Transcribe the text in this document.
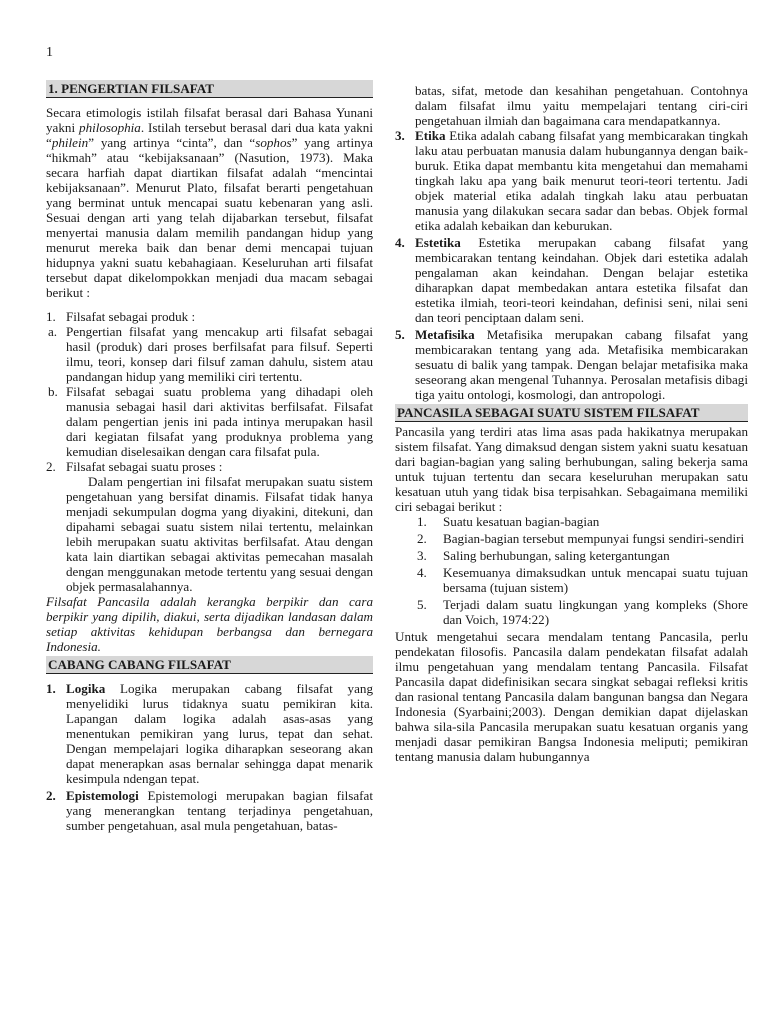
1
1. PENGERTIAN FILSAFAT

Secara etimologis istilah filsafat berasal dari Bahasa Yunani yakni philosophia. Istilah tersebut berasal dari dua kata yakni “philein” yang artinya “cinta”, dan “sophos” yang artinya “hikmah” atau “kebijaksanaan” (Nasution, 1973). Maka secara harfiah dapat diartikan filsafat adalah “mencintai kebijaksanaan”. Menurut Plato, filsafat berarti pengetahuan yang berminat untuk mencapai suatu kebenaran yang asli. Sesuai dengan arti yang telah dijabarkan tersebut, filsafat menyertai manusia dalam memilih pandangan hidup yang menurut mereka baik dan benar demi mencapai tujuan hidupnya yakni suatu kebahagiaan. Keseluruhan arti filsafat tersebut dapat dikelompokkan menjadi dua macam sebagai berikut :

1. Filsafat sebagai produk :
a. Pengertian filsafat yang mencakup arti filsafat sebagai hasil (produk) dari proses berfilsafat para filsuf. Seperti ilmu, teori, konsep dari filsuf zaman dahulu, sistem atau pandangan hidup yang memiliki ciri tertentu.
b. Filsafat sebagai suatu problema yang dihadapi oleh manusia sebagai hasil dari aktivitas berfilsafat. Filsafat dalam pengertian jenis ini pada intinya merupakan hasil dari kegiatan filsafat yang produknya problema yang kemudian diselesaikan dengan cara filsafat pula.
2. Filsafat sebagai suatu proses :

Dalam pengertian ini filsafat merupakan suatu sistem pengetahuan yang bersifat dinamis. Filsafat tidak hanya menjadi sekumpulan dogma yang diyakini, ditekuni, dan dipahami sebagai suatu sistem nilai tertentu, melainkan lebih merupakan suatu aktivitas berfilsafat. Atau dengan kata lain diartikan sebagai aktivitas pemecahan masalah dengan menggunakan metode tertentu yang sesuai dengan objek permasalahannya.

Filsafat Pancasila adalah kerangka berpikir dan cara berpikir yang dipilih, diakui, serta dijadikan landasan dalam setiap aktivitas kehidupan berbangsa dan bernegara Indonesia.

CABANG CABANG FILSAFAT
1. Logika Logika merupakan cabang filsafat yang menyelidiki lurus tidaknya suatu pemikiran kita. Lapangan dalam logika adalah asas-asas yang menentukan pemikiran yang lurus, tepat dan sehat. Dengan mempelajari logika diharapkan seseorang akan dapat menerapkan asas bernalar sehingga dapat menarik kesimpula ndengan tepat.
2. Epistemologi Epistemologi merupakan bagian filsafat yang menerangkan tentang terjadinya pengetahuan, sumber pengetahuan, asal mula pengetahuan, batas-

batas, sifat, metode dan kesahihan pengetahuan. Contohnya dalam filsafat ilmu yaitu mempelajari tentang ciri-ciri pengetahuan ilmiah dan bagaimana cara mendapatkannya.

3. Etika Etika adalah cabang filsafat yang membicarakan tingkah laku atau perbuatan manusia dalam hubungannya dengan baik-buruk. Etika dapat membantu kita mengetahui dan memahami tingkah laku apa yang baik menurut teori-teori tertentu. Jadi objek material etika adalah tingkah laku atau perbuatan manusia yang dilakukan secara sadar dan bebas. Objek formal etika adalah kebaikan dan keburukan.
4. Estetika Estetika merupakan cabang filsafat yang membicarakan tentang keindahan. Objek dari estetika adalah pengalaman akan keindahan. Dengan belajar estetika diharapkan dapat membedakan antara estetika filsafat dan estetika ilmiah, teori-teori keindahan, definisi seni, nilai seni dan teori penciptaan dalam seni.
5. Metafisika Metafisika merupakan cabang filsafat yang membicarakan tentang yang ada. Metafisika membicarakan sesuatu di balik yang tampak. Dengan belajar metafisika maka seseorang akan mengenal Tuhannya. Perosalan metafisis dibagi tiga yaitu ontologi, kosmologi, dan antropologi.
PANCASILA SEBAGAI SUATU SISTEM FILSAFAT

Pancasila yang terdiri atas lima asas pada hakikatnya merupakan sistem filsafat. Yang dimaksud dengan sistem yakni suatu kesatuan dari bagian-bagian yang saling berhubungan, saling bekerja sama untuk tujuan tertentu dan secara keseluruhan merupakan satu kesatuan utuh yang tidak bisa terpisahkan. Sebagaimana memiliki ciri sebagai berikut :

1.	Suatu kesatuan bagian-bagian
2.	Bagian-bagian tersebut mempunyai fungsi sendiri-sendiri
3.	Saling berhubungan, saling ketergantungan
4.	Kesemuanya dimaksudkan untuk mencapai suatu tujuan bersama (tujuan sistem)
5.	Terjadi dalam suatu lingkungan yang kompleks (Shore dan Voich, 1974:22)

Untuk mengetahui secara mendalam tentang Pancasila, perlu pendekatan filosofis. Pancasila dalam pendekatan filsafat adalah ilmu pengetahuan yang mendalam tentang Pancasila. Filsafat Pancasila dapat didefinisikan secara singkat sebagai refleksi kritis dan rasional tentang Pancasila dalam bangunan bangsa dan Negara Indonesia (Syarbaini;2003). Dengan demikian dapat dijelaskan bahwa sila-sila Pancasila merupakan suatu kesatuan organis yang menjadi dasar pemikiran Bangsa Indonesia meliputi; pemikiran tentang manusia dalam hubungannya
